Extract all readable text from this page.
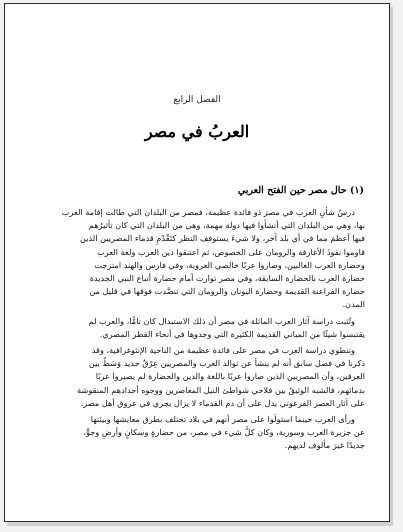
الفصل الرابع
العربُ في مصر
(١) حال مصر حين الفتح العربي

درسُ شأنِ العرب في مصرَ ذو فائدة عظيمة، فمصر من البلدان التي طالت إقامة العرب
بها، وهي من البلدان التي أنشأوا فيها دولة مهمة، وهي من البلدان التي كان تأثيرُهم
فيها أعظمَ مما في أي بلد آخر، ولا شيءَ يستوقف النظر كتَقْدُمِ قدماء المصريين الذين
قاوموا نفوذَ الأغارقة والرومان على الخصوص، ثم اعتنقوا دين العرب ولغة العرب
وحضارة العرب الغالبين، وصاروا عربًا خالصي العروبة، وفي فارس والهند امتزجت
حضارة العرب بالحضارة السابقة، وفي مصر توارت أمام حضارة أتباع النبي الجديدة
حضارة الفراعنة القديمة وحضارة اليونان والرومان التي تنضَّدت فوقها في قليل من
المدن.

وتُثبت دراسة آثار العرب الماثلة في مصر أن ذلك الاستبدال كان تامًّا، والعرب لم
يقتبسوا شيئًا من المباني القديمة الكثيرة التي وجدوها في أنحاء القطر المصري.

وتنطوي دراسة العرب في مصر على فائدة عظيمة من الناحية الإنثوغرافية، وقد
ذكرنا في فصل سابق أنه لم ينشأ عن توالد العرب والمصريين عِرْقٌ جديد وَسَطٌ بين
العرقين، وأن المصريين الذين صاروا عربًا باللغة والدين والحضارة لم يصيروا عربًا
بدمائهم، فالشبه الوثيقُ بين فلاحي شواطئ النيل المعاصرين ووجوه أجدادهم المنقوشة
على آثار العصر الفرعوني يدل على أن دم القدماء لا يزال يجري في عروق أهل مصر.

ورأى العرب حينما استولَوا على مصر أنهم في بلاد تختلف بطرق معايشها وبيئتها
عن جزيرة العرب وسورية، وكان كلُّ شيء في مصر، من حضارةٍ وسكانٍ وأرضٍ وجوٍّ،
جديدًا غيرَ مألوف لديهم.
